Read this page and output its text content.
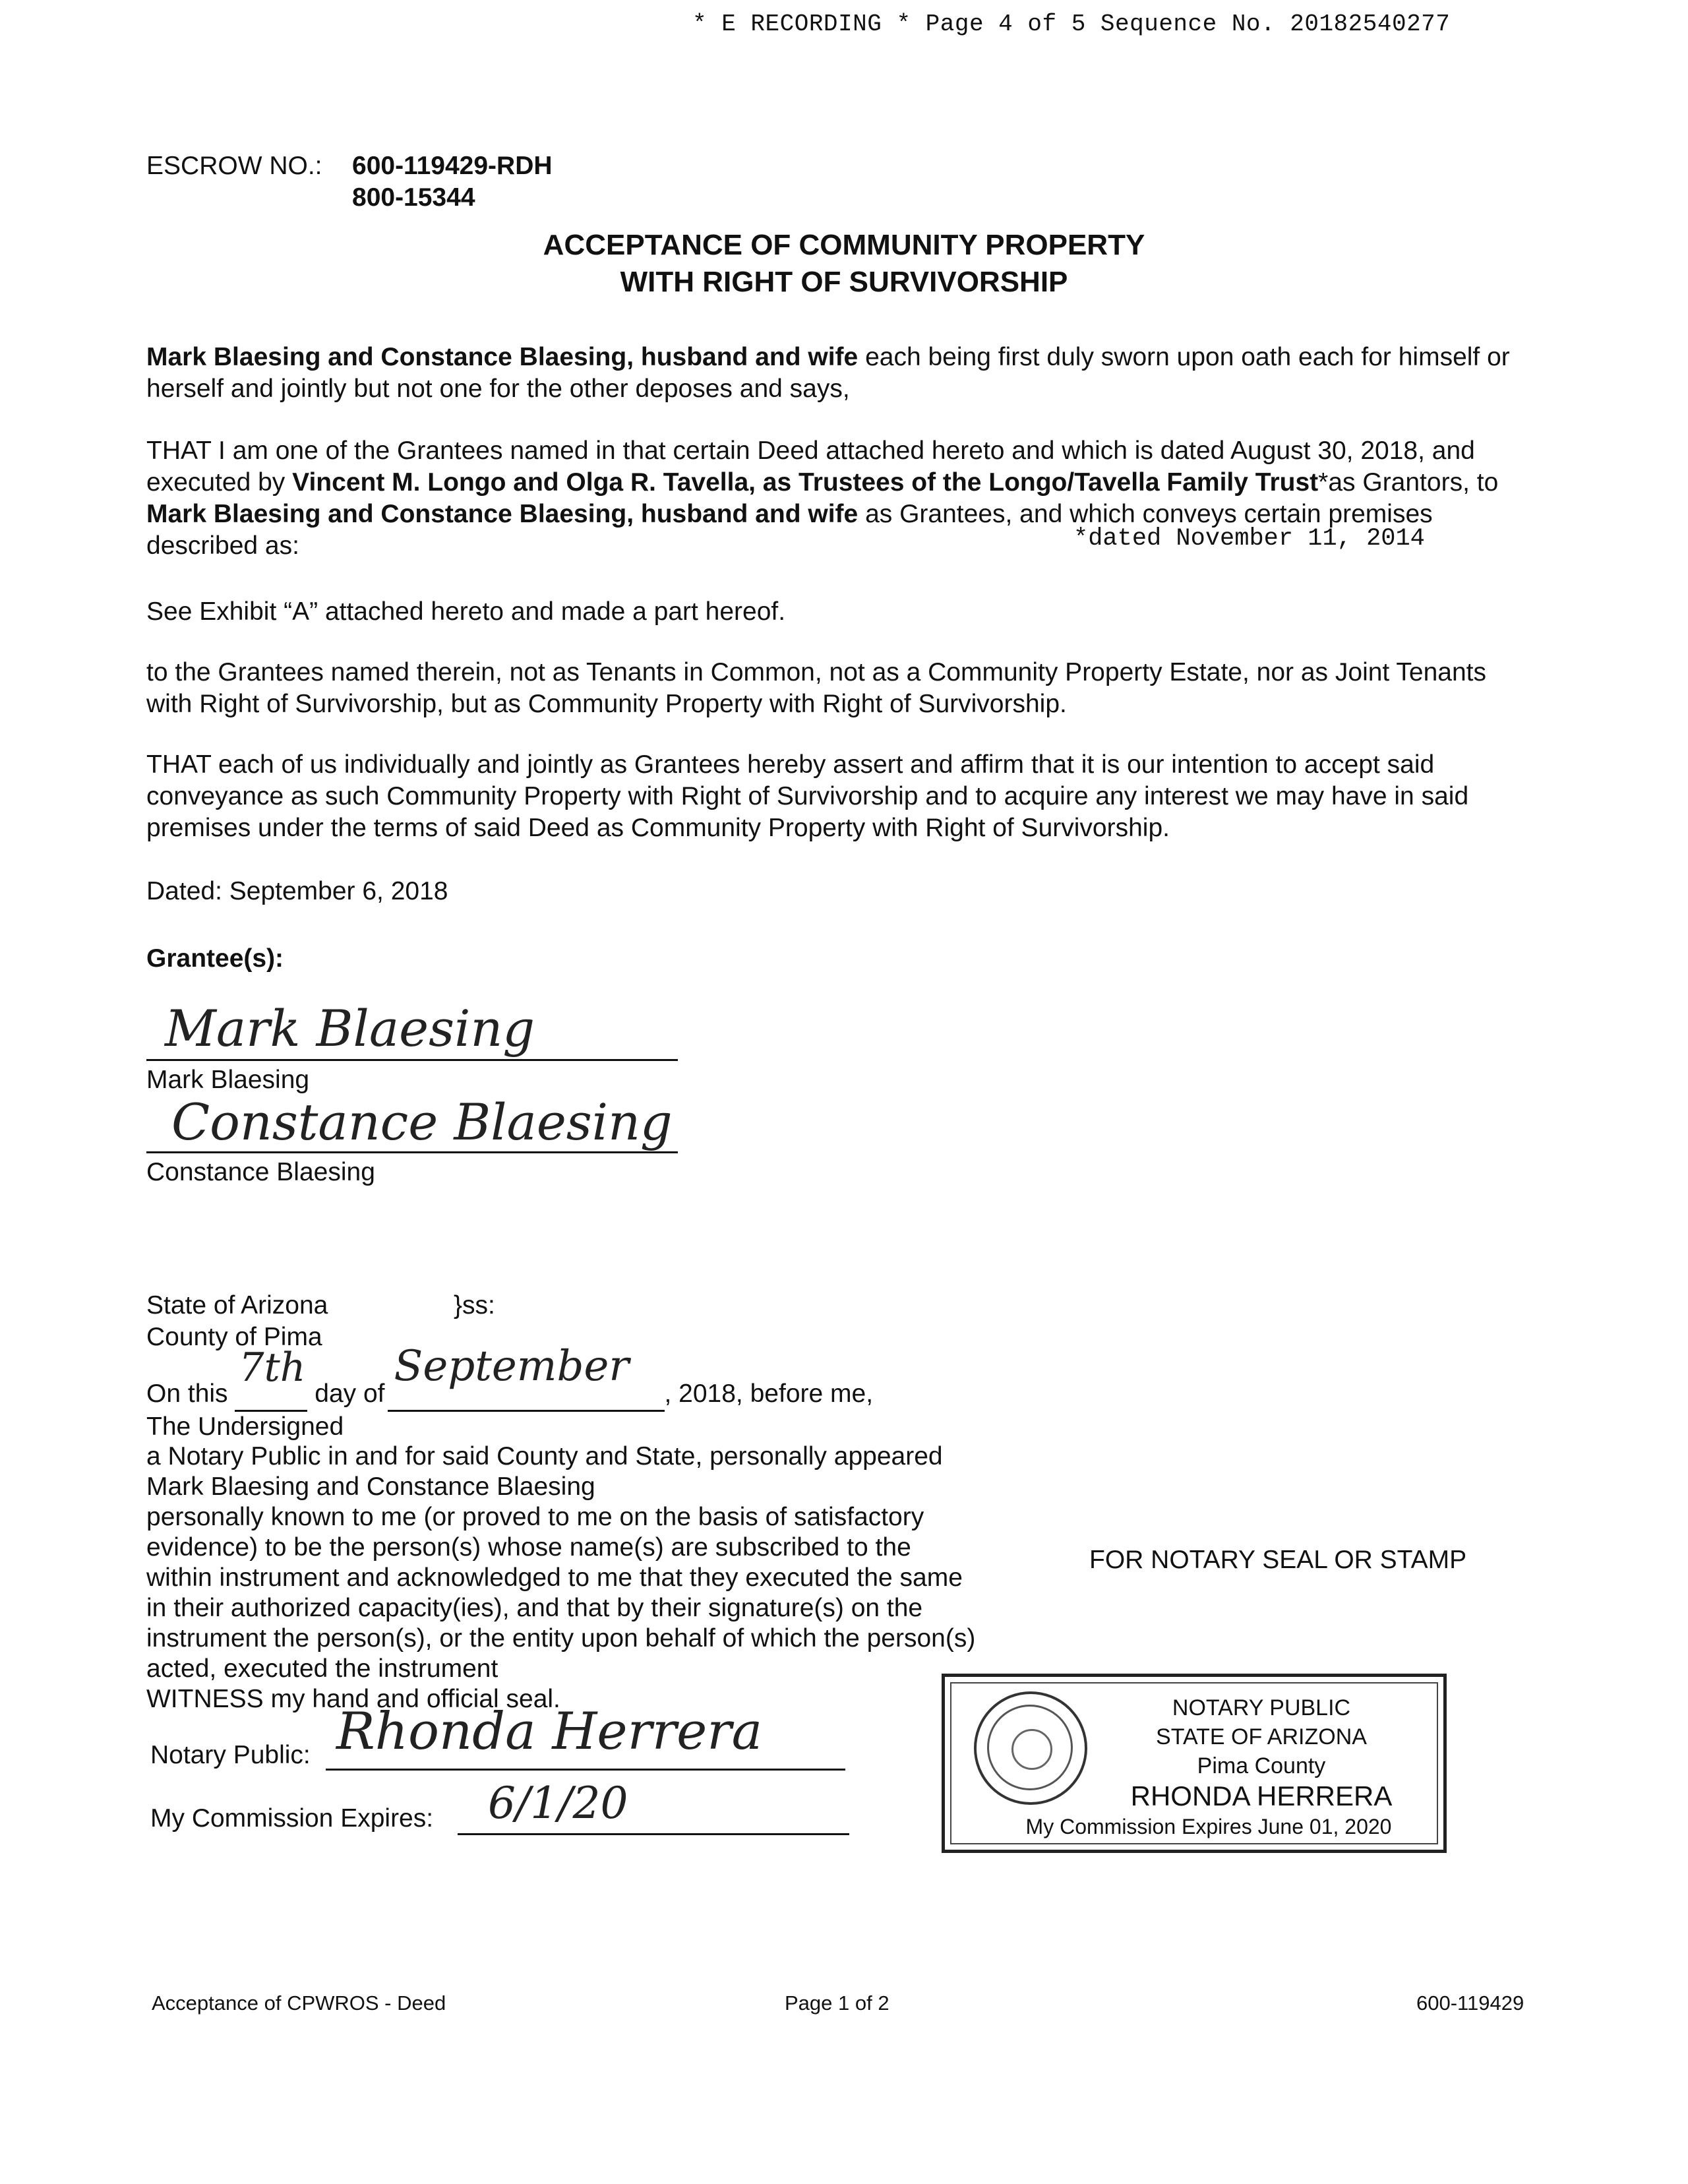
* E RECORDING * Page 4 of 5 Sequence No. 20182540277
ESCROW NO.: 600-119429-RDH
800-15344
ACCEPTANCE OF COMMUNITY PROPERTY
WITH RIGHT OF SURVIVORSHIP
Mark Blaesing and Constance Blaesing, husband and wife each being first duly sworn upon oath each for himself or herself and jointly but not one for the other deposes and says,
THAT I am one of the Grantees named in that certain Deed attached hereto and which is dated August 30, 2018, and executed by Vincent M. Longo and Olga R. Tavella, as Trustees of the Longo/Tavella Family Trust*as Grantors, to Mark Blaesing and Constance Blaesing, husband and wife as Grantees, and which conveys certain premises described as:	*dated November 11, 2014
See Exhibit “A” attached hereto and made a part hereof.
to the Grantees named therein, not as Tenants in Common, not as a Community Property Estate, nor as Joint Tenants with Right of Survivorship, but as Community Property with Right of Survivorship.
THAT each of us individually and jointly as Grantees hereby assert and affirm that it is our intention to accept said conveyance as such Community Property with Right of Survivorship and to acquire any interest we may have in said premises under the terms of said Deed as Community Property with Right of Survivorship.
Dated: September 6, 2018
Grantee(s):
Mark Blaesing
Mark Blaesing
Constance Blaesing
Constance Blaesing
State of Arizona	}ss:
County of Pima
On this
7th
day of
September
, 2018, before me,
The Undersigned
a Notary Public in and for said County and State, personally appeared
Mark Blaesing and Constance Blaesing
personally known to me (or proved to me on the basis of satisfactory
evidence) to be the person(s) whose name(s) are subscribed to the
within instrument and acknowledged to me that they executed the same
in their authorized capacity(ies), and that by their signature(s) on the
instrument the person(s), or the entity upon behalf of which the person(s)
acted, executed the instrument
WITNESS my hand and official seal.
Notary Public: Rhonda Herrera
My Commission Expires: 6/1/20
FOR NOTARY SEAL OR STAMP
NOTARY PUBLIC
STATE OF ARIZONA
Pima County
RHONDA HERRERA
My Commission Expires June 01, 2020
Acceptance of CPWROS - Deed	Page 1 of 2	600-119429
